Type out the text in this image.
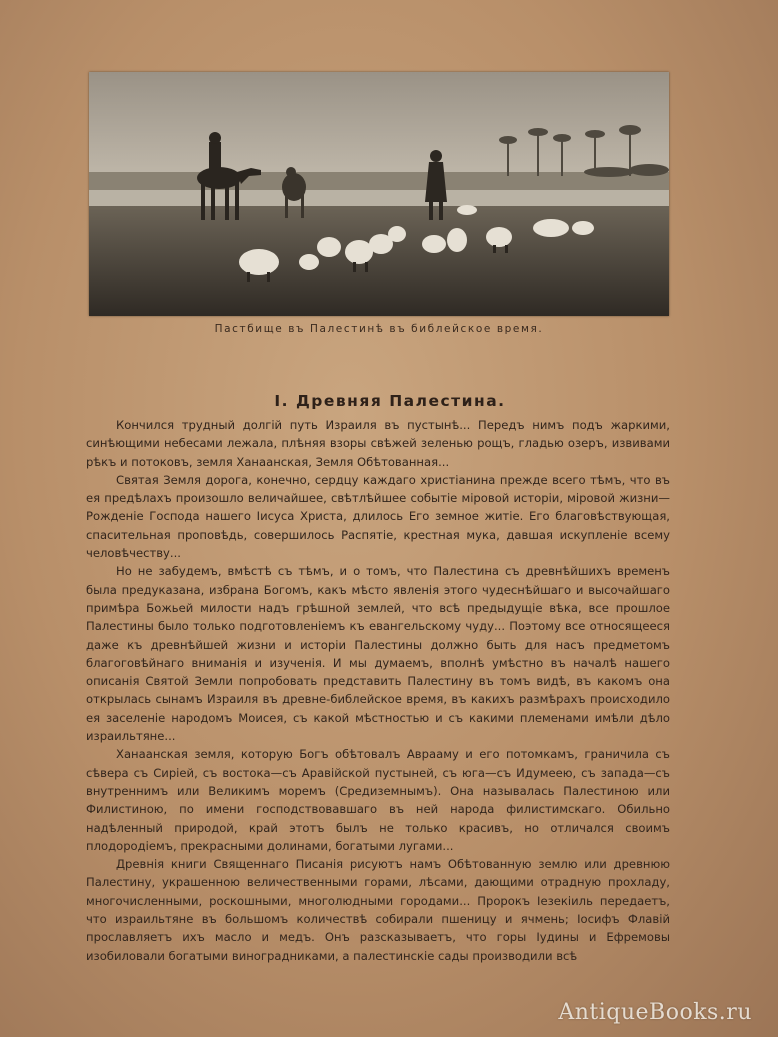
Пастбище въ Палестинѣ въ библейское время.
I. Древняя Палестина.

Кончился трудный долгій путь Израиля въ пустынѣ... Передъ нимъ подъ жаркими, синѣющими небесами лежала, плѣняя взоры свѣжей зеленью рощъ, гладью озеръ, извивами рѣкъ и потоковъ, земля Ханаанская, Земля Обѣтованная...

Святая Земля дорога, конечно, сердцу каждаго христіанина прежде всего тѣмъ, что въ ея предѣлахъ произошло величайшее, свѣтлѣйшее событіе міровой исторіи, міровой жизни—Рожденіе Господа нашего Іисуса Христа, длилось Его земное житіе. Его благовѣствующая, спасительная проповѣдь, совершилось Распятіе, крестная мука, давшая искупленіе всему человѣчеству...

Но не забудемъ, вмѣстѣ съ тѣмъ, и о томъ, что Палестина съ древнѣйшихъ временъ была предуказана, избрана Богомъ, какъ мѣсто явленія этого чудеснѣйшаго и высочайшаго примѣра Божьей милости надъ грѣшной землей, что всѣ предыдущіе вѣка, все прошлое Палестины было только подготовленіемъ къ евангельскому чуду... Поэтому все относящееся даже къ древнѣйшей жизни и исторіи Палестины должно быть для насъ предметомъ благоговѣйнаго вниманія и изученія. И мы думаемъ, вполнѣ умѣстно въ началѣ нашего описанія Святой Земли попробовать представить Палестину въ томъ видѣ, въ какомъ она открылась сынамъ Израиля въ древне-библейское время, въ какихъ размѣрахъ происходило ея заселеніе народомъ Моисея, съ какой мѣстностью и съ какими племенами имѣли дѣло израильтяне...

Ханаанская земля, которую Богъ обѣтовалъ Авраaму и его потомкамъ, граничила съ сѣвера съ Сиріей, съ востока—съ Аравійской пустыней, съ юга—съ Идумеею, съ запада—съ внутреннимъ или Великимъ моремъ (Средиземнымъ). Она называлась Палестиною или Филистиною, по имени господствовавшаго въ ней народа филистимскаго. Обильно надѣленный природой, край этотъ былъ не только красивъ, но отличался своимъ плодородіемъ, прекрасными долинами, богатыми лугами...

Древнія книги Священнаго Писанія рисуютъ намъ Обѣтованную землю или древнюю Палестину, украшенною величественными горами, лѣсами, дающими отрадную прохладу, многочисленными, роскошными, многолюдными городами... Пророкъ Іезекіиль передаетъ, что израильтяне въ большомъ количествѣ собирали пшеницу и ячмень; Іосифъ Флавій прославляетъ ихъ масло и медъ. Онъ разсказываетъ, что горы Іудины и Ефремовы изобиловали богатыми виноградниками, а палестинскіе сады производили всѣ

AntiqueBooks.ru
